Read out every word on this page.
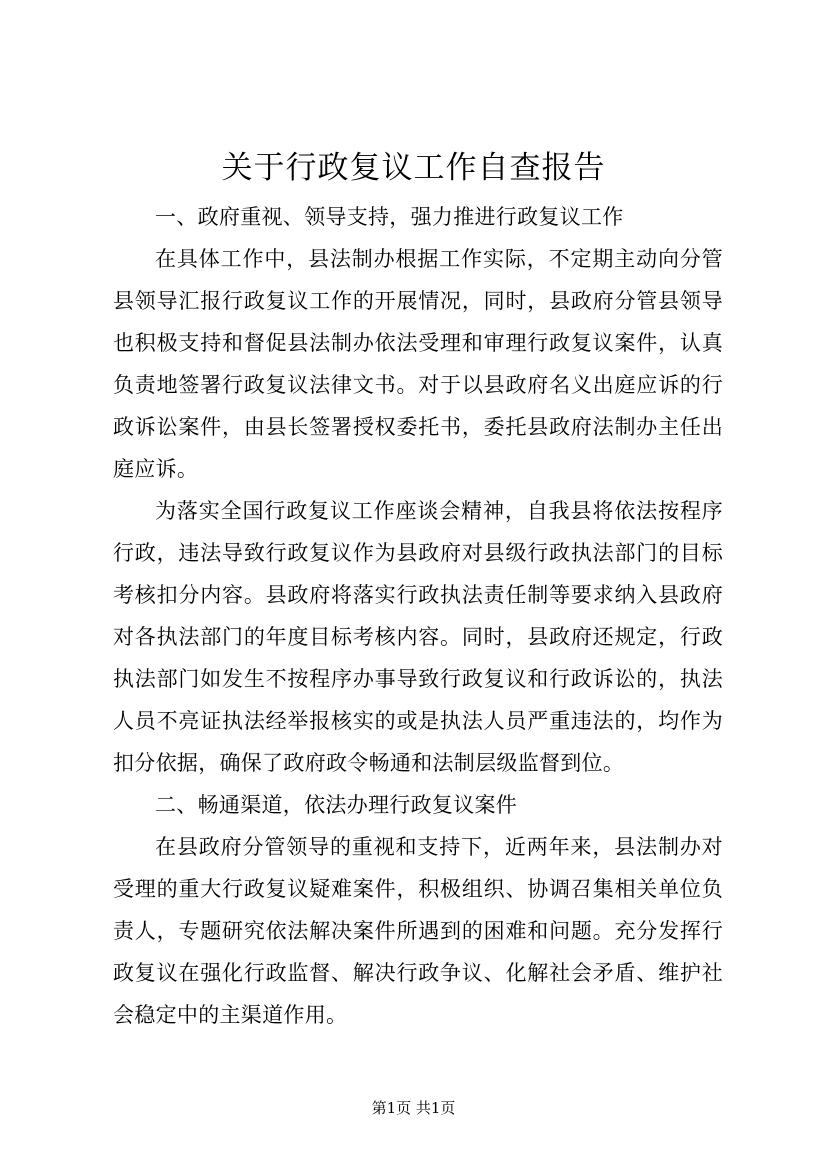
关于行政复议工作自查报告

一、政府重视、领导支持，强力推进行政复议工作

在具体工作中，县法制办根据工作实际，不定期主动向分管县领导汇报行政复议工作的开展情况，同时，县政府分管县领导也积极支持和督促县法制办依法受理和审理行政复议案件，认真负责地签署行政复议法律文书。对于以县政府名义出庭应诉的行政诉讼案件，由县长签署授权委托书，委托县政府法制办主任出庭应诉。

为落实全国行政复议工作座谈会精神，自我县将依法按程序行政，违法导致行政复议作为县政府对县级行政执法部门的目标考核扣分内容。县政府将落实行政执法责任制等要求纳入县政府对各执法部门的年度目标考核内容。同时，县政府还规定，行政执法部门如发生不按程序办事导致行政复议和行政诉讼的，执法人员不亮证执法经举报核实的或是执法人员严重违法的，均作为扣分依据，确保了政府政令畅通和法制层级监督到位。

二、畅通渠道，依法办理行政复议案件

在县政府分管领导的重视和支持下，近两年来，县法制办对受理的重大行政复议疑难案件，积极组织、协调召集相关单位负责人，专题研究依法解决案件所遇到的困难和问题。充分发挥行政复议在强化行政监督、解决行政争议、化解社会矛盾、维护社会稳定中的主渠道作用。

第1页 共1页
